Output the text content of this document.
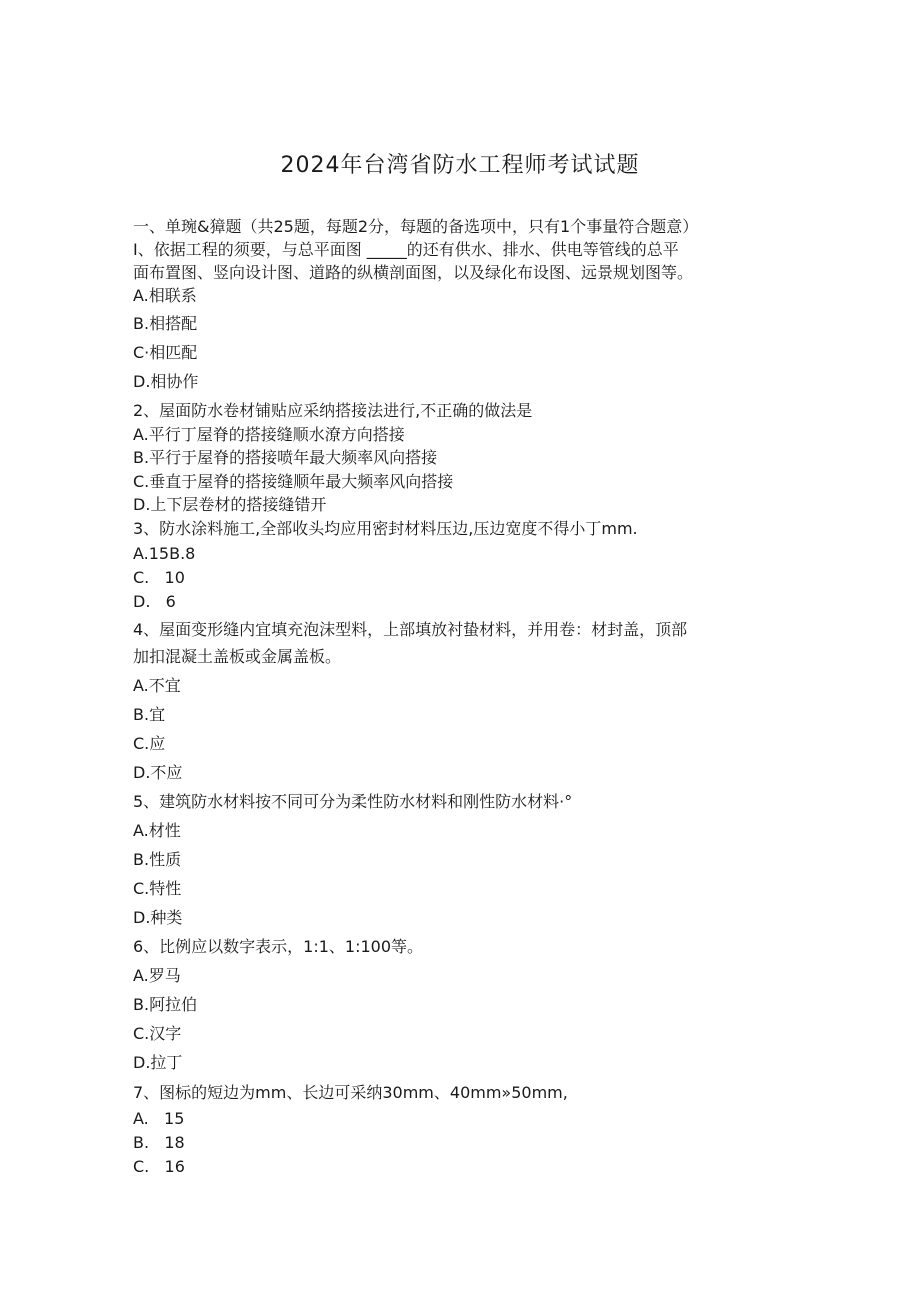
2024年台湾省防水工程师考试试题
一、单琬&獐题（共25题，每题2分，每题的备选项中，只有1个事量符合题意）
I、依据工程的须要，与总平面图 _____的还有供水、排水、供电等管线的总平
面布置图、竖向设计图、道路的纵横剖面图，以及绿化布设图、远景规划图等。
A.相联系
B.相搭配
C·相匹配
D.相协作
2、屋面防水卷材铺贴应采纳搭接法进行,不正确的做法是
A.平行丁屋脊的搭接缝顺水潦方向搭接
B.平行于屋脊的搭接喷年最大频率风向搭接
C.垂直于屋脊的搭接缝顺年最大频率风向搭接
D.上下层卷材的搭接缝错开
3、防水涂料施工,全部收头均应用密封材料压边,压边宽度不得小丁mm.
A.15B.8
C.   10
D.   6
4、屋面变形缝内宜填充泡沫型料，上部填放衬蛰材料，并用卷：材封盖，顶部
加扣混凝土盖板或金属盖板。
A.不宜
B.宜
C.应
D.不应
5、建筑防水材料按不同可分为柔性防水材料和刚性防水材料·°
A.材性
B.性质
C.特性
D.种类
6、比例应以数字表示，1:1、1:100等。
A.罗马
B.阿拉伯
C.汉字
D.拉丁
7、图标的短边为mm、长边可采纳30mm、40mm»50mm,
A.   15
B.   18
C.   16
